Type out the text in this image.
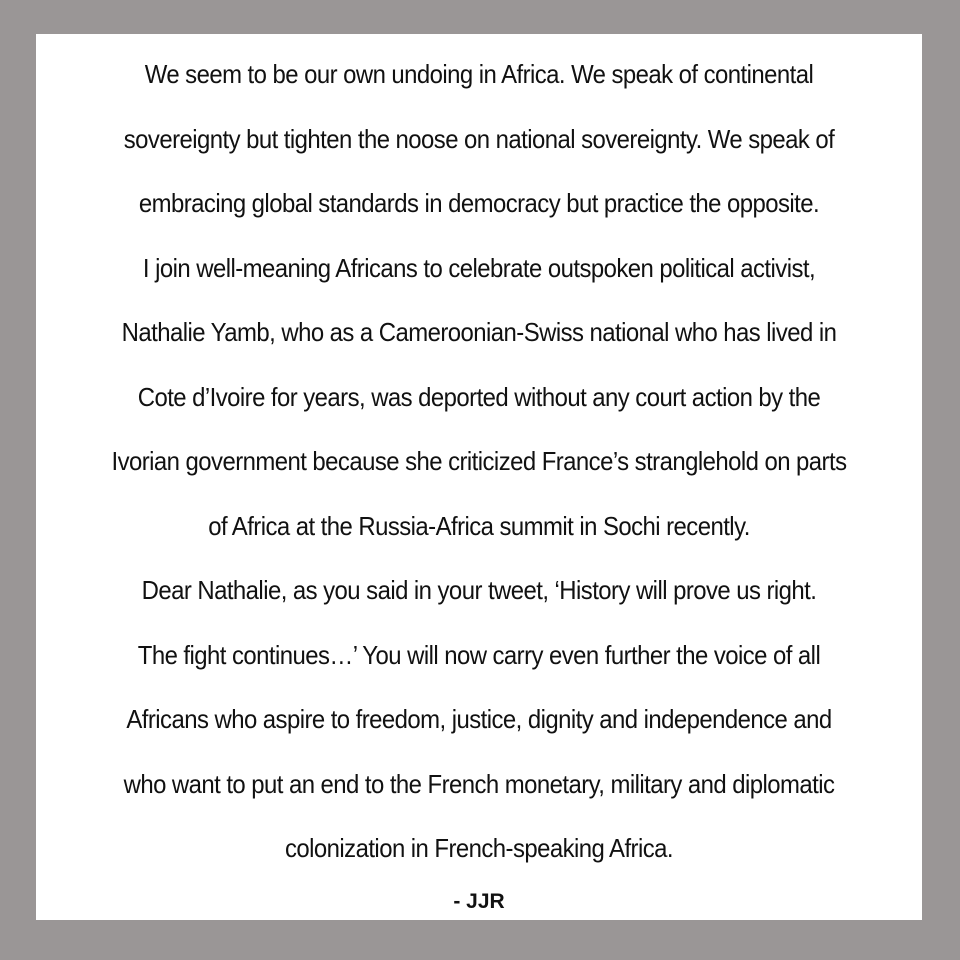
We seem to be our own undoing in Africa. We speak of continental
sovereignty but tighten the noose on national sovereignty. We speak of
embracing global standards in democracy but practice the opposite.
I join well-meaning Africans to celebrate outspoken political activist,
Nathalie Yamb, who as a Cameroonian-Swiss national who has lived in
Cote d’Ivoire for years, was deported without any court action by the
Ivorian government because she criticized France’s stranglehold on parts
of Africa at the Russia-Africa summit in Sochi recently.
Dear Nathalie, as you said in your tweet, ‘History will prove us right.
The fight continues…’ You will now carry even further the voice of all
Africans who aspire to freedom, justice, dignity and independence and
who want to put an end to the French monetary, military and diplomatic
colonization in French-speaking Africa.
- JJR
